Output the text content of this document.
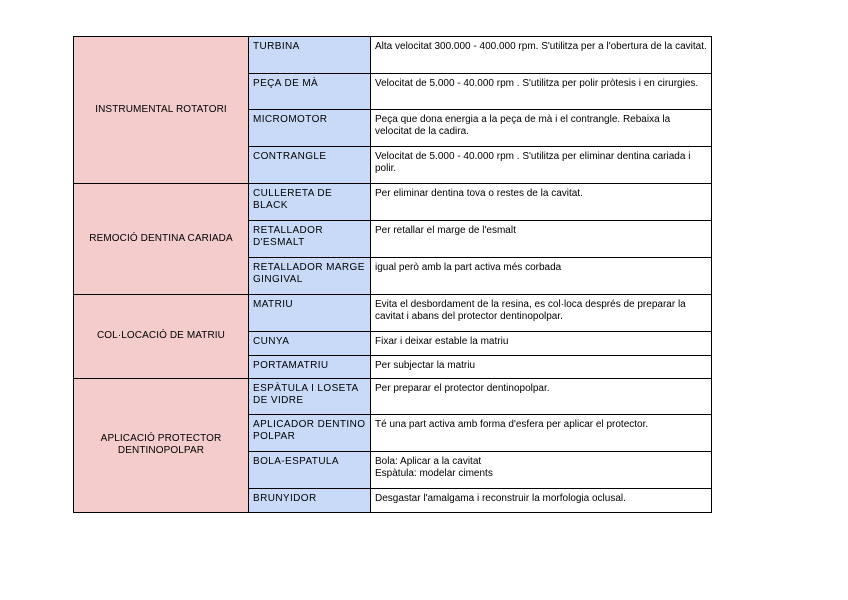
INSTRUMENTAL ROTATORI	TURBINA	Alta velocitat 300.000 - 400.000 rpm. S'utilitza per a l'obertura de la cavitat.
	PEÇA DE MÀ	Velocitat de 5.000 - 40.000 rpm . S'utilitza per polir pròtesis i en cirurgies.
	MICROMOTOR	Peça que dona energia a la peça de mà i el contrangle. Rebaixa la velocitat de la cadira.
	CONTRANGLE	Velocitat de 5.000 - 40.000 rpm . S'utilitza per eliminar dentina cariada i polir.
REMOCIÓ DENTINA CARIADA	CULLERETA DE BLACK	Per eliminar dentina tova o restes de la cavitat.
	RETALLADOR D'ESMALT	Per retallar el marge de l'esmalt
	RETALLADOR MARGE GINGIVAL	igual però amb la part activa més corbada
COL·LOCACIÓ DE MATRIU	MATRIU	Evita el desbordament de la resina, es col·loca després de preparar la cavitat i abans del protector dentinopolpar.
	CUNYA	Fixar i deixar estable la matriu
	PORTAMATRIU	Per subjectar la matriu
APLICACIÓ PROTECTOR DENTINOPOLPAR	ESPÀTULA I LOSETA DE VIDRE	Per preparar el protector dentinopolpar.
	APLICADOR DENTINO POLPAR	Té una part activa amb forma d'esfera per aplicar el protector.
	BOLA-ESPATULA	Bola: Aplicar a la cavitat
Espàtula: modelar ciments
	BRUNYIDOR	Desgastar l'amalgama i reconstruir la morfologia oclusal.
